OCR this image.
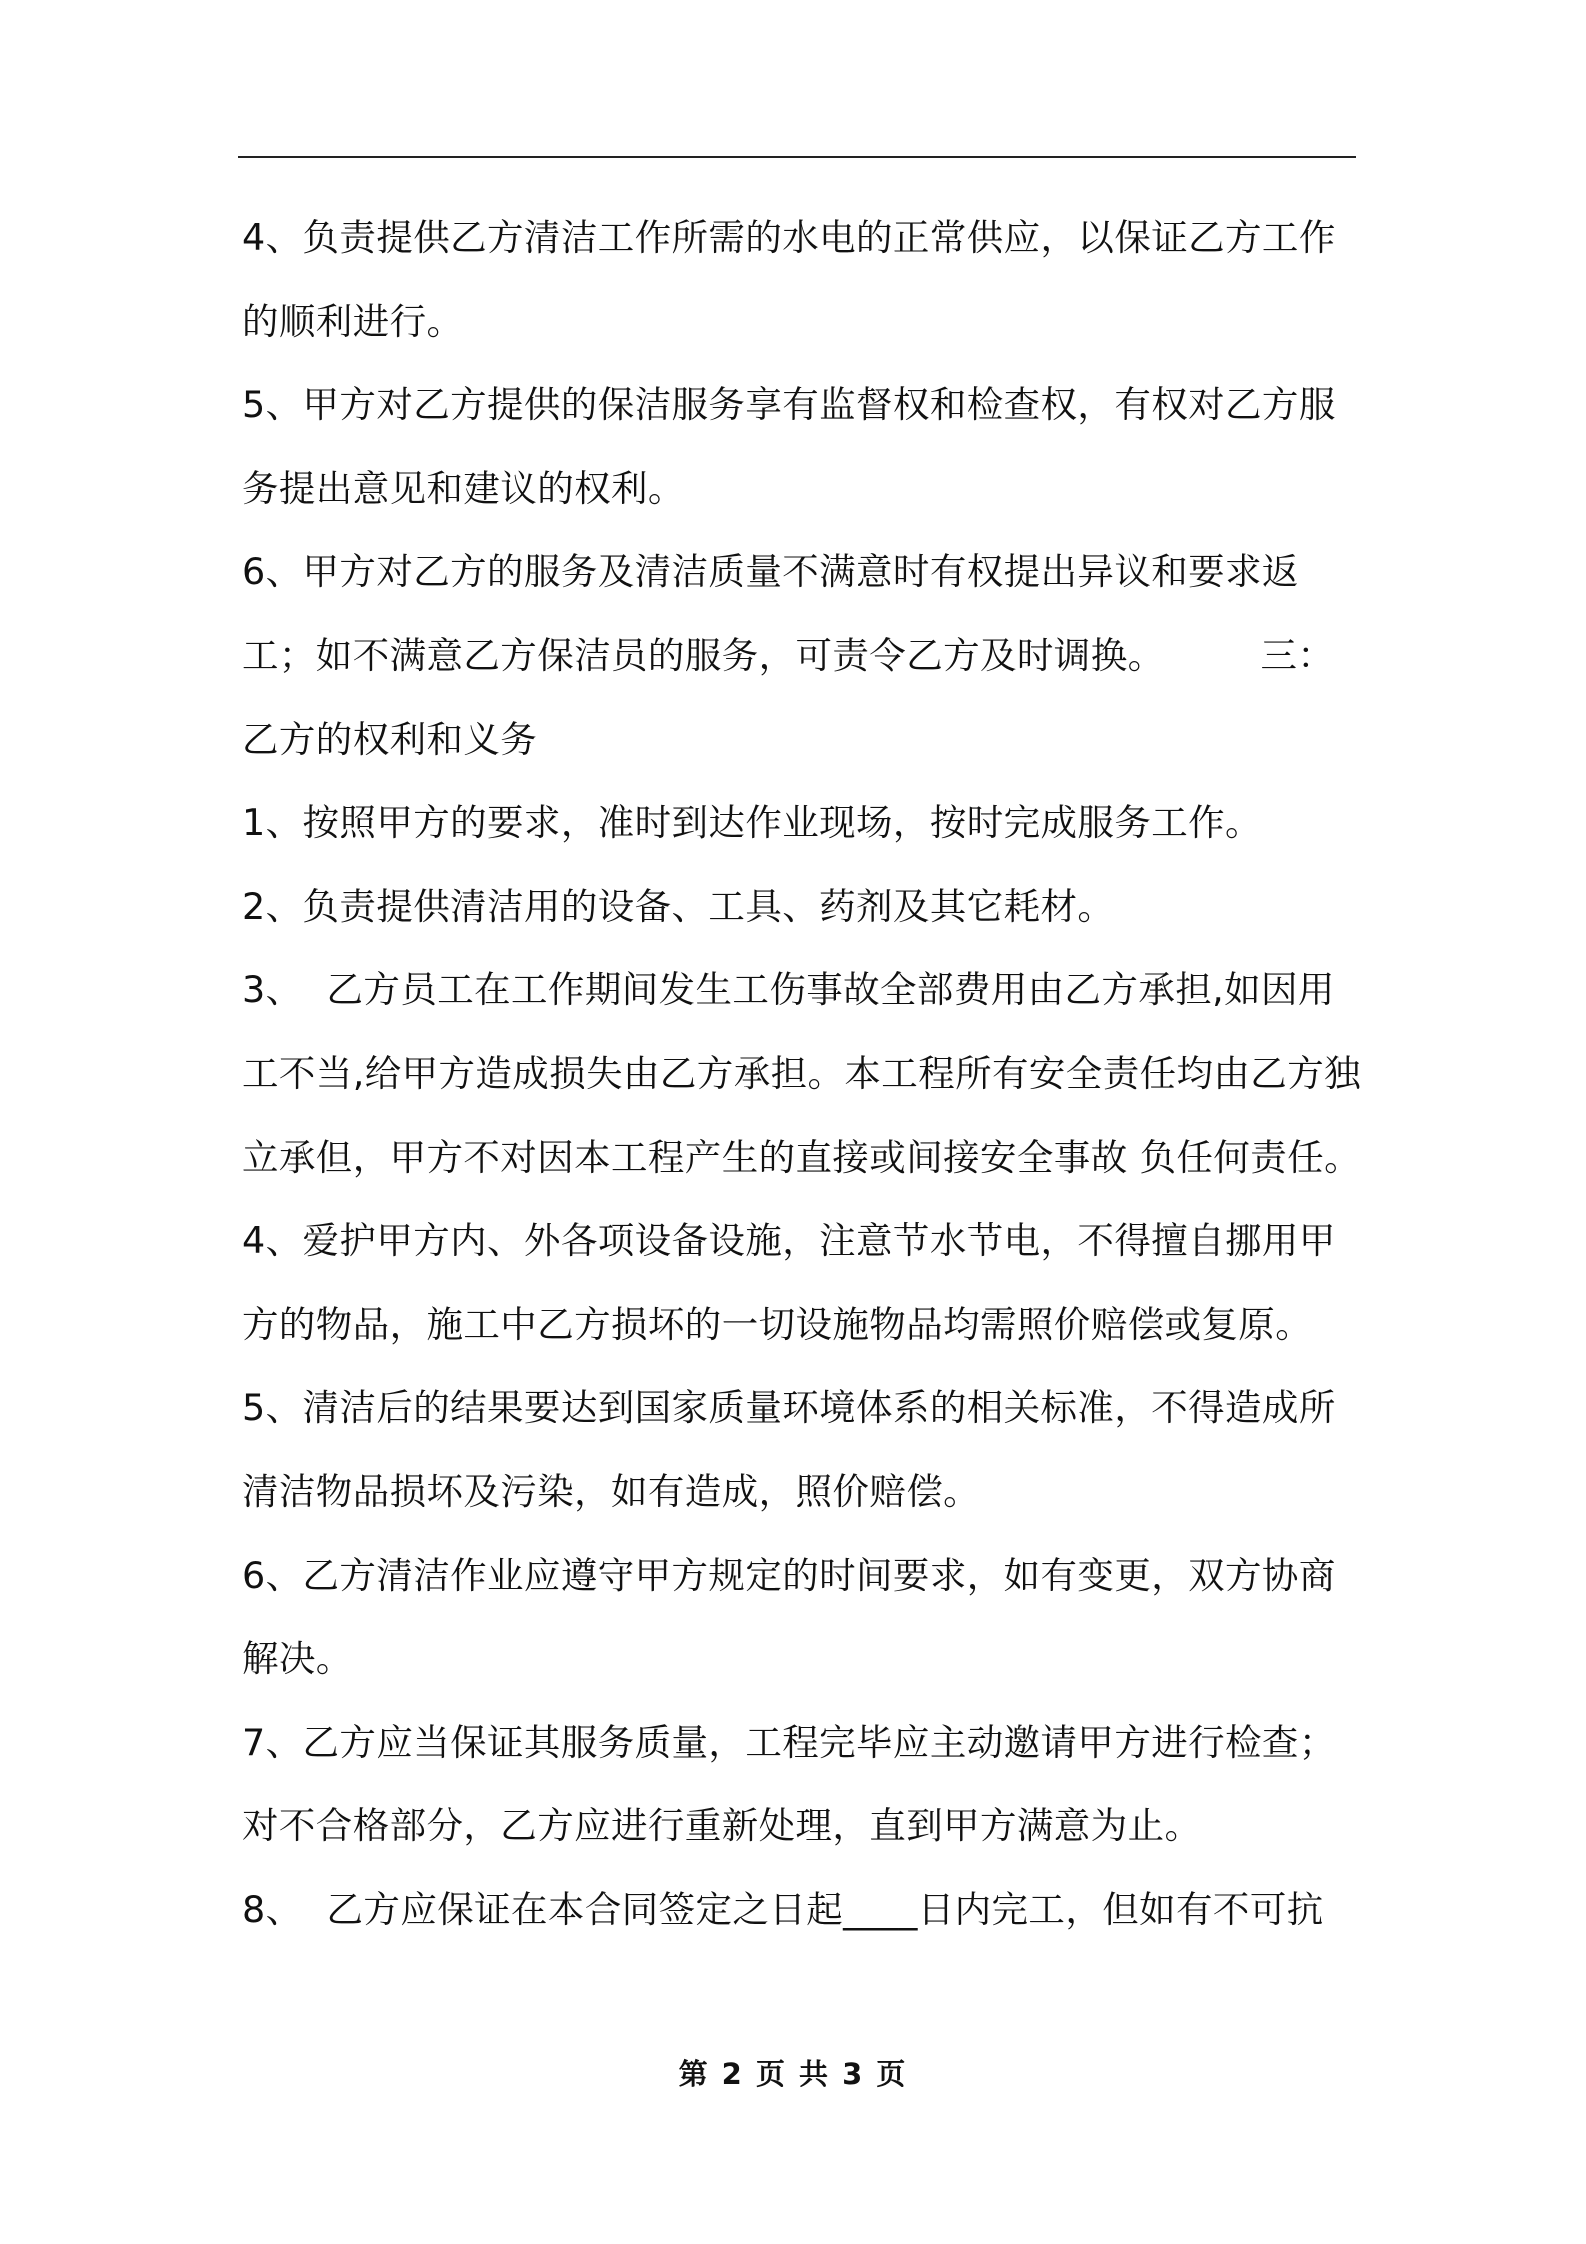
4、负责提供乙方清洁工作所需的水电的正常供应，以保证乙方工作的顺利进行。

5、甲方对乙方提供的保洁服务享有监督权和检查权，有权对乙方服务提出意见和建议的权利。

6、甲方对乙方的服务及清洁质量不满意时有权提出异议和要求返工；如不满意乙方保洁员的服务，可责令乙方及时调换。        三：乙方的权利和义务

1、按照甲方的要求，准时到达作业现场，按时完成服务工作。

2、负责提供清洁用的设备、工具、药剂及其它耗材。

3、  乙方员工在工作期间发生工伤事故全部费用由乙方承担,如因用工不当,给甲方造成损失由乙方承担。本工程所有安全责任均由乙方独立承但，甲方不对因本工程产生的直接或间接安全事故 负任何责任。

4、爱护甲方内、外各项设备设施，注意节水节电，不得擅自挪用甲方的物品，施工中乙方损坏的一切设施物品均需照价赔偿或复原。

5、清洁后的结果要达到国家质量环境体系的相关标准，不得造成所清洁物品损坏及污染，如有造成，照价赔偿。

6、乙方清洁作业应遵守甲方规定的时间要求，如有变更，双方协商解决。

7、乙方应当保证其服务质量，工程完毕应主动邀请甲方进行检查；对不合格部分，乙方应进行重新处理，直到甲方满意为止。

8、  乙方应保证在本合同签定之日起____日内完工，但如有不可抗

第 2 页 共 3 页
